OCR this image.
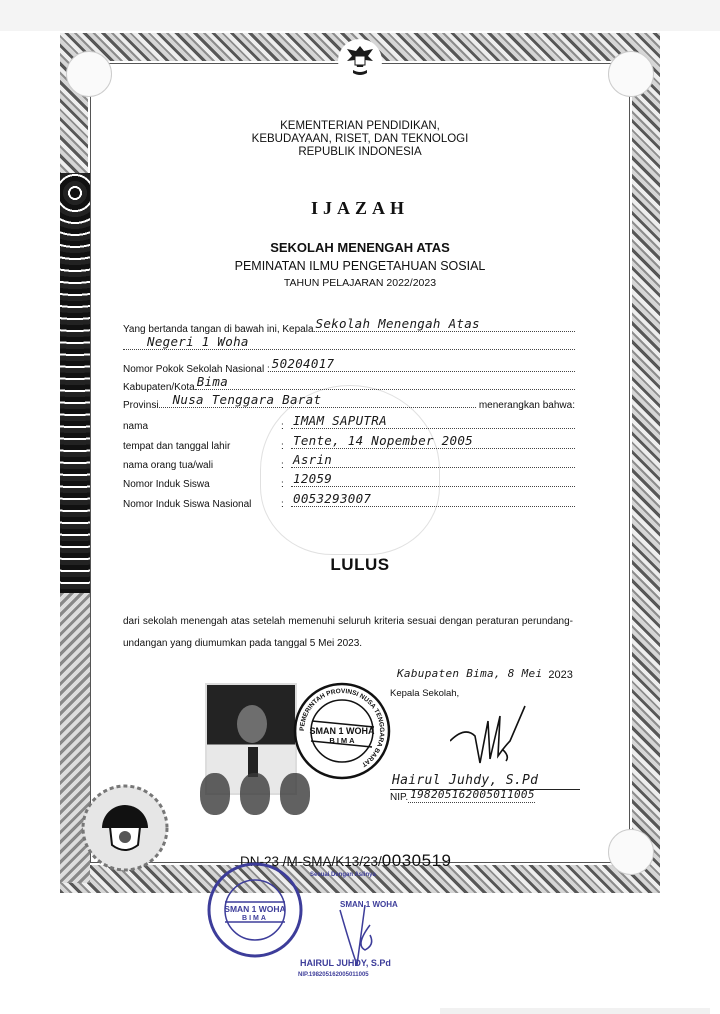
KEMENTERIAN PENDIDIKAN,
KEBUDAYAAN, RISET, DAN TEKNOLOGI
REPUBLIK INDONESIA
IJAZAH
SEKOLAH MENENGAH ATAS
PEMINATAN ILMU PENGETAHUAN SOSIAL
TAHUN PELAJARAN 2022/2023
Yang bertanda tangan di bawah ini, Kepala Sekolah Menengah Atas
Negeri 1 Woha
Nomor Pokok Sekolah Nasional : 50204017
Kabupaten/Kota Bima
Provinsi Nusa Tenggara Barat	menerangkan bahwa:
nama	: IMAM SAPUTRA
tempat dan tanggal lahir	: Tente, 14 Nopember 2005
nama orang tua/wali	: Asrin
Nomor Induk Siswa	: 12059
Nomor Induk Siswa Nasional	: 0053293007
LULUS
dari sekolah menengah atas setelah memenuhi seluruh kriteria sesuai dengan peraturan perundang-undangan yang diumumkan pada tanggal 5 Mei 2023.
PEMERINTAH PROVINSI NUSA TENGGARA BARAT
SMAN 1 WOHA
BIMA
Kabupaten Bima, 8 Mei 2023
Kepala Sekolah,
Hairul Juhdy, S.Pd
NIP. 198205162005011005
DN-23 /M-SMA/K13/23/ 0030519
SMAN 1 WOHA
BIMA
Sesuai Dengan Aslinya
SMAN 1 WOHA
HAIRUL JUHDY, S.Pd
NIP.198205162005011005
